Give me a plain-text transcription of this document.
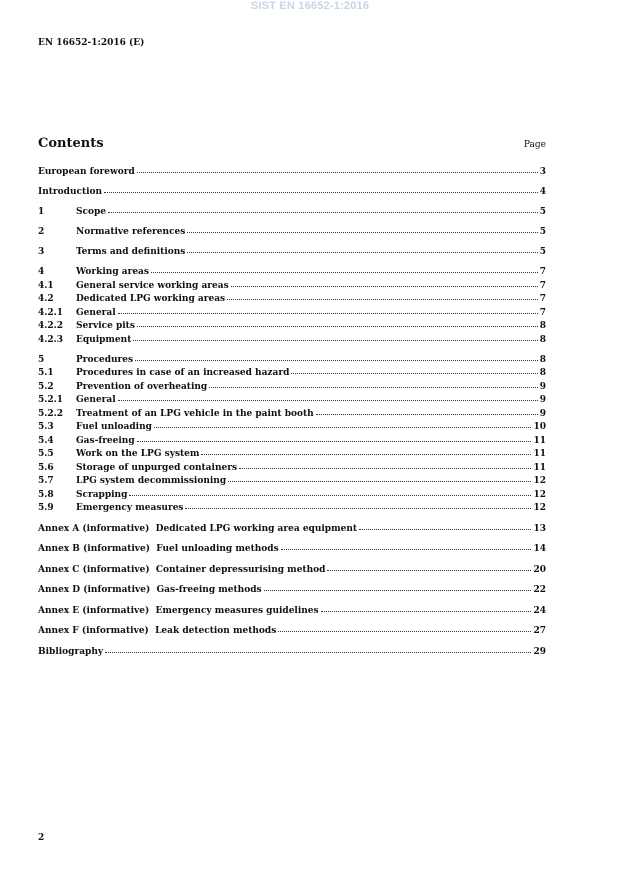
SIST EN 16652-1:2016
EN 16652-1:2016 (E)
Contents	Page
European foreword	3
Introduction	4
1	Scope	5
2	Normative references	5
3	Terms and definitions	5
4	Working areas	7
4.1	General service working areas	7
4.2	Dedicated LPG working areas	7
4.2.1	General	7
4.2.2	Service pits	8
4.2.3	Equipment	8
5	Procedures	8
5.1	Procedures in case of an increased hazard	8
5.2	Prevention of overheating	9
5.2.1	General	9
5.2.2	Treatment of an LPG vehicle in the paint booth	9
5.3	Fuel unloading	10
5.4	Gas-freeing	11
5.5	Work on the LPG system	11
5.6	Storage of unpurged containers	11
5.7	LPG system decommissioning	12
5.8	Scrapping	12
5.9	Emergency measures	12
Annex A (informative)  Dedicated LPG working area equipment	13
Annex B (informative)  Fuel unloading methods	14
Annex C (informative)  Container depressurising method	20
Annex D (informative)  Gas-freeing methods	22
Annex E (informative)  Emergency measures guidelines	24
Annex F (informative)  Leak detection methods	27
Bibliography	29
2
